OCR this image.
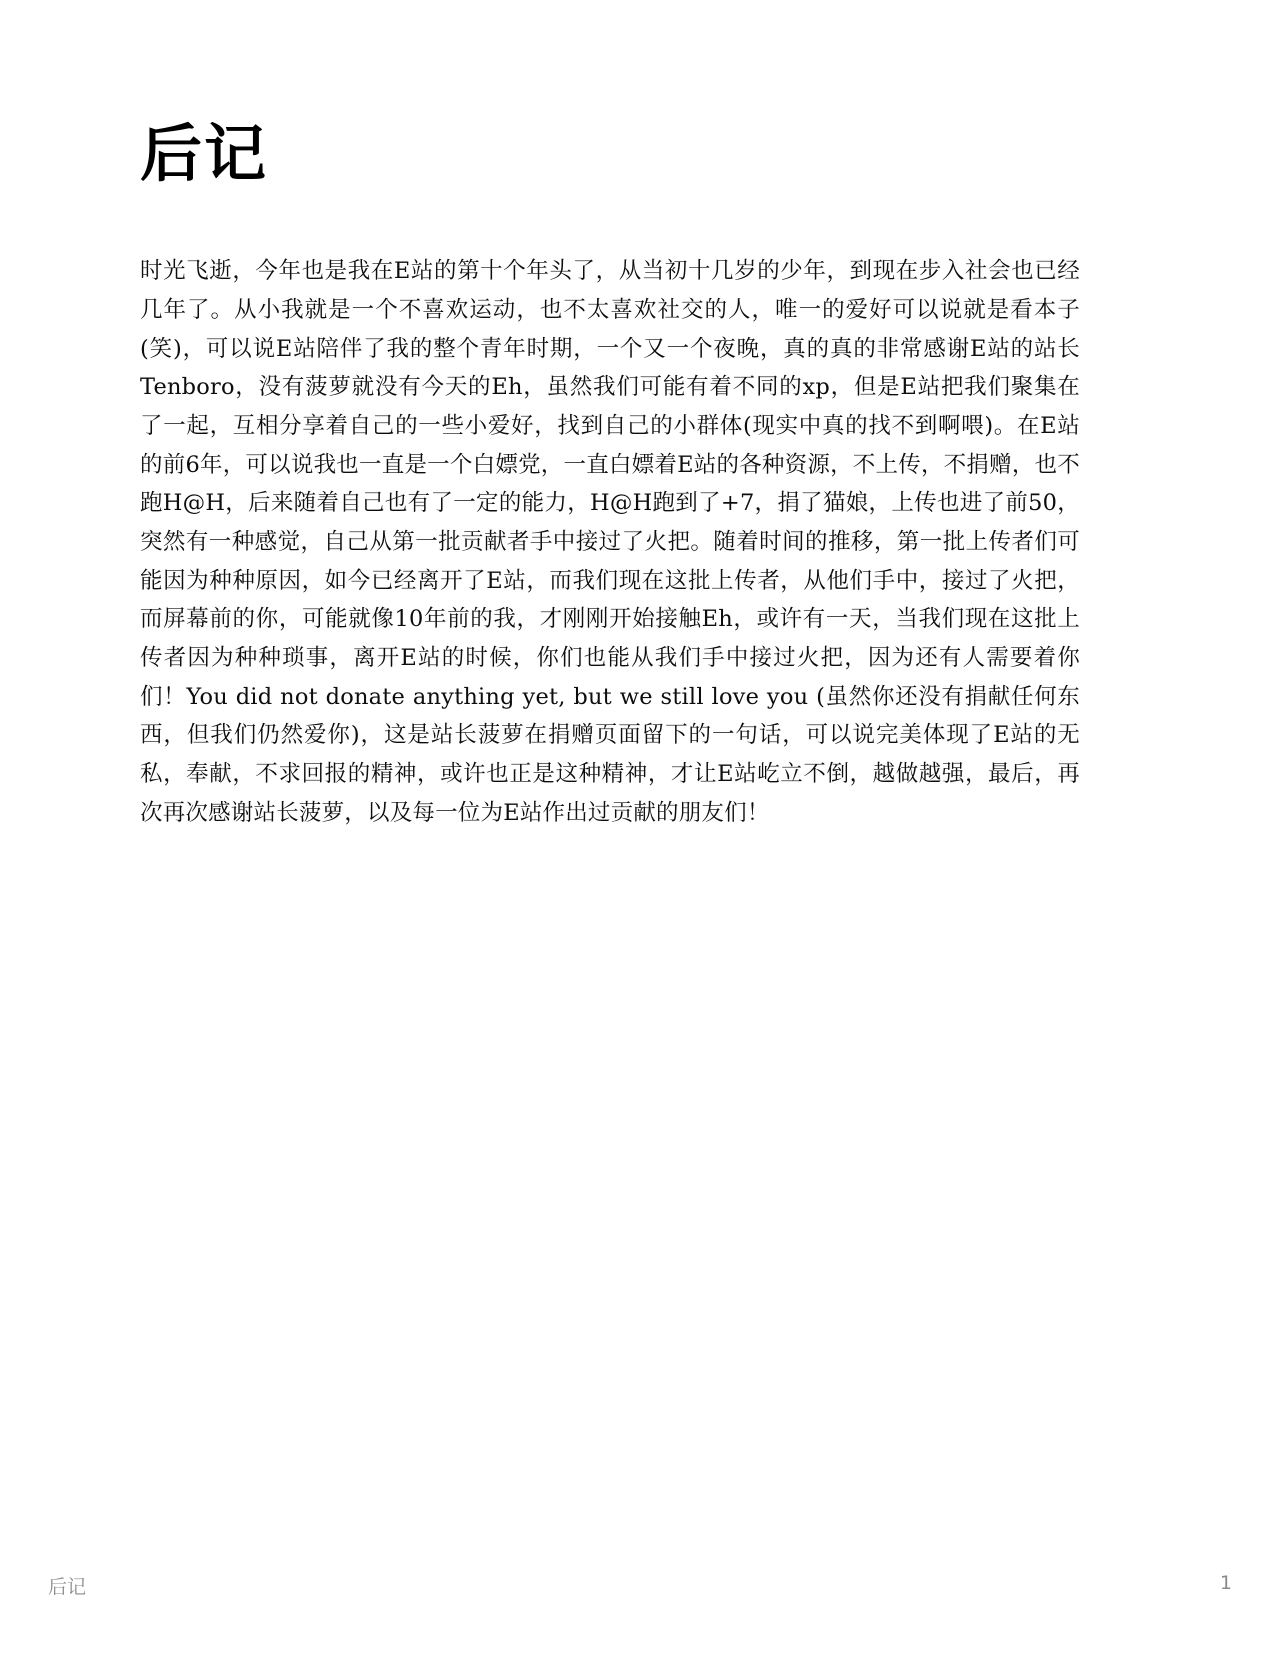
后记

时光飞逝，今年也是我在E站的第十个年头了，从当初十几岁的少年，到现在步入社会也已经几年了。从小我就是一个不喜欢运动，也不太喜欢社交的人，唯一的爱好可以说就是看本子(笑)，可以说E站陪伴了我的整个青年时期，一个又一个夜晚，真的真的非常感谢E站的站长Tenboro，没有菠萝就没有今天的Eh，虽然我们可能有着不同的xp，但是E站把我们聚集在了一起，互相分享着自己的一些小爱好，找到自己的小群体(现实中真的找不到啊喂)。在E站的前6年，可以说我也一直是一个白嫖党，一直白嫖着E站的各种资源，不上传，不捐赠，也不跑H@H，后来随着自己也有了一定的能力，H@H跑到了+7，捐了猫娘，上传也进了前50，突然有一种感觉，自己从第一批贡献者手中接过了火把。随着时间的推移，第一批上传者们可能因为种种原因，如今已经离开了E站，而我们现在这批上传者，从他们手中，接过了火把，而屏幕前的你，可能就像10年前的我，才刚刚开始接触Eh，或许有一天，当我们现在这批上传者因为种种琐事，离开E站的时候，你们也能从我们手中接过火把，因为还有人需要着你们！You did not donate anything yet, but we still love you (虽然你还没有捐献任何东西，但我们仍然爱你)，这是站长菠萝在捐赠页面留下的一句话，可以说完美体现了E站的无私，奉献，不求回报的精神，或许也正是这种精神，才让E站屹立不倒，越做越强，最后，再次再次感谢站长菠萝，以及每一位为E站作出过贡献的朋友们！

后记	1
